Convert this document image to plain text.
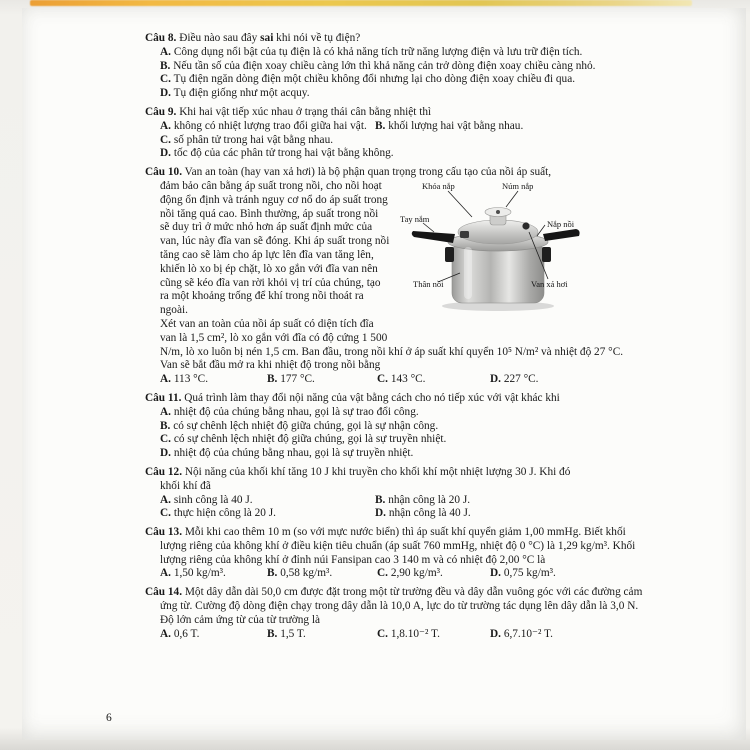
Câu 8. Điều nào sau đây sai khi nói về tụ điện?

A. Công dụng nổi bật của tụ điện là có khả năng tích trữ năng lượng điện và lưu trữ điện tích.
B. Nếu tần số của điện xoay chiều càng lớn thì khả năng cản trở dòng điện xoay chiều càng nhỏ.
C. Tụ điện ngăn dòng điện một chiều không đổi nhưng lại cho dòng điện xoay chiều đi qua.
D. Tụ điện giống như một acquy.

Câu 9. Khi hai vật tiếp xúc nhau ở trạng thái cân bằng nhiệt thì

A. không có nhiệt lượng trao đổi giữa hai vật. B. khối lượng hai vật bằng nhau.
C. số phân tử trong hai vật bằng nhau.
D. tốc độ của các phân tử trong hai vật bằng không.

Câu 10. Van an toàn (hay van xả hơi) là bộ phận quan trọng trong cấu tạo của nồi áp suất,

Khóa nắp	Núm nắp
Tay nắm	Nắp nồi
Thân nồi	Van xả hơi
đảm bảo cân bằng áp suất trong nồi, cho nồi hoạt động ổn định và tránh nguy cơ nổ do áp suất trong nồi tăng quá cao. Bình thường, áp suất trong nồi sẽ duy trì ở mức nhỏ hơn áp suất định mức của van, lúc này đĩa van sẽ đóng. Khi áp suất trong nồi tăng cao sẽ làm cho áp lực lên đĩa van tăng lên, khiến lò xo bị ép chặt, lò xo gắn với đĩa van nên cũng sẽ kéo đĩa van rời khỏi vị trí của chúng, tạo ra một khoảng trống để khí trong nồi thoát ra ngoài.

Xét van an toàn của nồi áp suất có diện tích đĩa van là 1,5 cm², lò xo gắn với đĩa có độ cứng 1 500 N/m, lò xo luôn bị nén 1,5 cm. Ban đầu, trong nồi khí ở áp suất khí quyển 10⁵ N/m² và nhiệt độ 27 °C. Van sẽ bắt đầu mở ra khi nhiệt độ trong nồi bằng

A. 113 °C.	B. 177 °C.	C. 143 °C.	D. 227 °C.

Câu 11. Quá trình làm thay đổi nội năng của vật bằng cách cho nó tiếp xúc với vật khác khi

A. nhiệt độ của chúng bằng nhau, gọi là sự trao đổi công.
B. có sự chênh lệch nhiệt độ giữa chúng, gọi là sự nhận công.
C. có sự chênh lệch nhiệt độ giữa chúng, gọi là sự truyền nhiệt.
D. nhiệt độ của chúng bằng nhau, gọi là sự truyền nhiệt.

Câu 12. Nội năng của khối khí tăng 10 J khi truyền cho khối khí một nhiệt lượng 30 J. Khi đó
khối khí đã

A. sinh công là 40 J.	B. nhận công là 20 J.
C. thực hiện công là 20 J.	D. nhận công là 40 J.

Câu 13. Mỗi khi cao thêm 10 m (so với mực nước biển) thì áp suất khí quyển giảm 1,00 mmHg. Biết khối lượng riêng của không khí ở điều kiện tiêu chuẩn (áp suất 760 mmHg, nhiệt độ 0 °C) là 1,29 kg/m³. Khối lượng riêng của không khí ở đỉnh núi Fansipan cao 3 140 m và có nhiệt độ 2,00 °C là

A. 1,50 kg/m³.	B. 0,58 kg/m³.	C. 2,90 kg/m³.	D. 0,75 kg/m³.

Câu 14. Một dây dẫn dài 50,0 cm được đặt trong một từ trường đều và dây dẫn vuông góc với các đường cảm ứng từ. Cường độ dòng điện chạy trong dây dẫn là 10,0 A, lực do từ trường tác dụng lên dây dẫn là 3,0 N. Độ lớn cảm ứng từ của từ trường là

A. 0,6 T.	B. 1,5 T.	C. 1,8.10⁻² T.	D. 6,7.10⁻² T.
6
